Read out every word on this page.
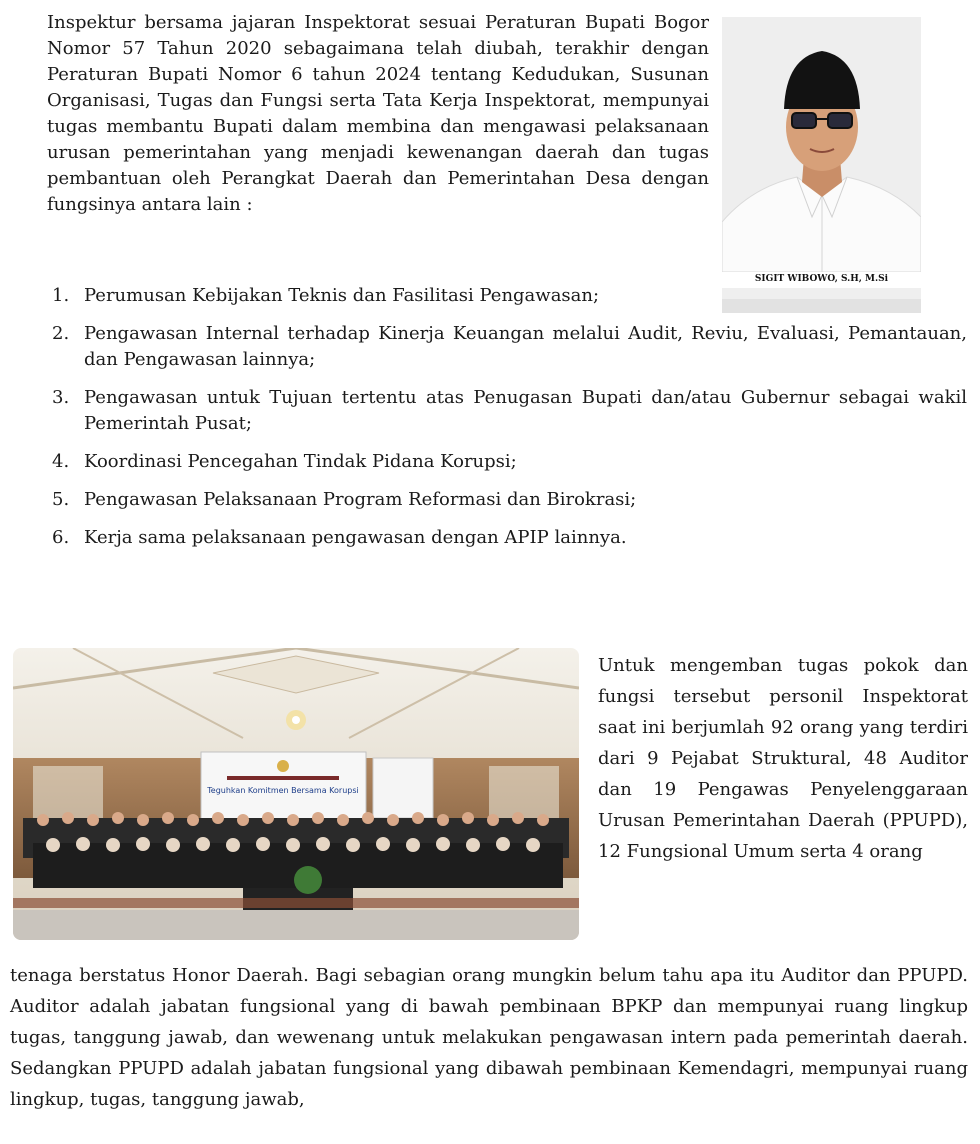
Inspektur bersama jajaran Inspektorat sesuai Peraturan Bupati Bogor Nomor 57 Tahun 2020 sebagaimana telah diubah, terakhir dengan Peraturan Bupati Nomor 6 tahun 2024 tentang Kedudukan, Susunan Organisasi, Tugas dan Fungsi serta Tata Kerja Inspektorat, mempunyai tugas membantu Bupati dalam membina dan mengawasi pelaksanaan urusan pemerintahan yang menjadi kewenangan daerah dan tugas pembantuan oleh Perangkat Daerah dan Pemerintahan Desa dengan fungsinya antara lain :

SIGIT WIBOWO, S.H, M.Si
1. Perumusan Kebijakan Teknis dan Fasilitasi Pengawasan;
2. Pengawasan Internal terhadap Kinerja Keuangan melalui Audit, Reviu, Evaluasi, Pemantauan, dan Pengawasan lainnya;
3. Pengawasan untuk Tujuan tertentu atas Penugasan Bupati dan/atau Gubernur sebagai wakil Pemerintah Pusat;
4. Koordinasi Pencegahan Tindak Pidana Korupsi;
5. Pengawasan Pelaksanaan Program Reformasi dan Birokrasi;
6. Kerja sama pelaksanaan pengawasan dengan APIP lainnya.
Teguhkan Komitmen Bersama Korupsi

Untuk mengemban tugas pokok dan fungsi tersebut personil Inspektorat saat ini berjumlah 92 orang yang terdiri dari 9 Pejabat Struktural, 48 Auditor dan 19 Pengawas Penyelenggaraan Urusan Pemerintahan Daerah (PPUPD), 12 Fungsional Umum serta 4 orang

tenaga berstatus Honor Daerah. Bagi sebagian orang mungkin belum tahu apa itu Auditor dan PPUPD. Auditor adalah jabatan fungsional yang di bawah pembinaan BPKP dan mempunyai ruang lingkup tugas, tanggung jawab, dan wewenang untuk melakukan pengawasan intern pada pemerintah daerah. Sedangkan PPUPD adalah jabatan fungsional yang dibawah pembinaan Kemendagri, mempunyai ruang lingkup, tugas, tanggung jawab,
